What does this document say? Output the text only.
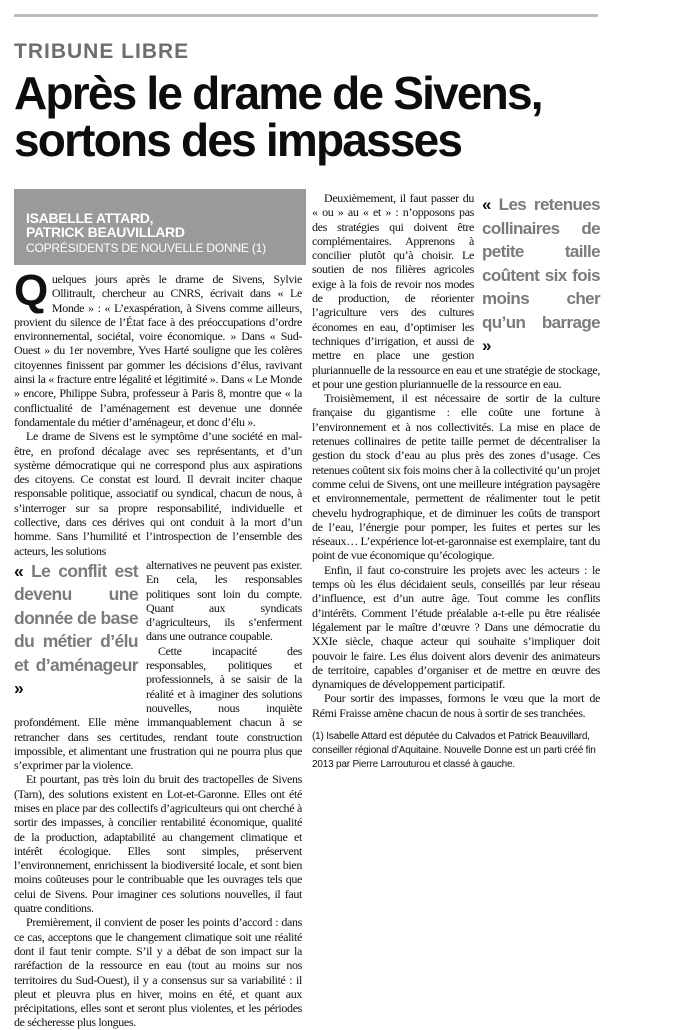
TRIBUNE LIBRE
Après le drame de Sivens,
sortons des impasses
ISABELLE ATTARD,
PATRICK BEAUVILLARD
COPRÉSIDENTS DE NOUVELLE DONNE (1)

Quelques jours après le drame de Sivens, Sylvie Ollitrault, chercheur au CNRS, écrivait dans « Le Monde » : « L’exaspération, à Sivens comme ailleurs, provient du silence de l’État face à des préoccupations d’ordre environnemental, sociétal, voire économique. » Dans « Sud-Ouest » du 1er novembre, Yves Harté souligne que les colères citoyennes finissent par gommer les décisions d’élus, ravivant ainsi la « fracture entre légalité et légitimité ». Dans « Le Monde » encore, Philippe Subra, professeur à Paris 8, montre que « la conflictualité de l’aménagement est devenue une donnée fondamentale du métier d’aménageur, et donc d’élu ».

Le drame de Sivens est le symptôme d’une société en mal-être, en profond décalage avec ses représentants, et d’un système démocratique qui ne correspond plus aux aspirations des citoyens. Ce constat est lourd. Il devrait inciter chaque responsable politique, associatif ou syndical, chacun de nous, à s’interroger sur sa propre responsabilité, individuelle et collective, dans ces dérives qui ont conduit à la mort d’un homme. Sans l’humilité et l’introspection de l’ensemble des acteurs, les solutions

« Le conflit est devenu une donnée de base du métier d’élu et d’aménageur »

alternatives ne peuvent pas exister. En cela, les responsables politiques sont loin du compte. Quant aux syndicats d’agriculteurs, ils s’enferment dans une outrance coupable.

Cette incapacité des responsables, politiques et professionnels, à se saisir de la réalité et à imaginer des solutions nouvelles, nous inquiète profondément. Elle mène immanquablement chacun à se retrancher dans ses certitudes, rendant toute construction impossible, et alimentant une frustration qui ne pourra plus que s’exprimer par la violence.

Et pourtant, pas très loin du bruit des tractopelles de Sivens (Tarn), des solutions existent en Lot-et-Garonne. Elles ont été mises en place par des collectifs d’agriculteurs qui ont cherché à sortir des impasses, à concilier rentabilité économique, qualité de la production, adaptabilité au changement climatique et intérêt écologique. Elles sont simples, préservent l’environnement, enrichissent la biodiversité locale, et sont bien moins coûteuses pour le contribuable que les ouvrages tels que celui de Sivens. Pour imaginer ces solutions nouvelles, il faut quatre conditions.

Premièrement, il convient de poser les points d’accord : dans ce cas, acceptons que le changement climatique soit une réalité dont il faut tenir compte. S’il y a débat de son impact sur la raréfaction de la ressource en eau (tout au moins sur nos territoires du Sud-Ouest), il y a consensus sur sa variabilité : il pleut et pleuvra plus en hiver, moins en été, et quant aux précipitations, elles sont et seront plus violentes, et les périodes de sécheresse plus longues.

« Les retenues collinaires de petite taille coûtent six fois moins cher qu’un barrage »

Deuxièmement, il faut passer du « ou » au « et » : n’opposons pas des stratégies qui doivent être complémentaires. Apprenons à concilier plutôt qu’à choisir. Le soutien de nos filières agricoles exige à la fois de revoir nos modes de production, de réorienter l’agriculture vers des cultures économes en eau, d’optimiser les techniques d’irrigation, et aussi de mettre en place une gestion pluriannuelle de la ressource en eau et une stratégie de stockage, et pour une gestion pluriannuelle de la ressource en eau.

Troisièmement, il est nécessaire de sortir de la culture française du gigantisme : elle coûte une fortune à l’environnement et à nos collectivités. La mise en place de retenues collinaires de petite taille permet de décentraliser la gestion du stock d’eau au plus près des zones d’usage. Ces retenues coûtent six fois moins cher à la collectivité qu’un projet comme celui de Sivens, ont une meilleure intégration paysagère et environnementale, permettent de réalimenter tout le petit chevelu hydrographique, et de diminuer les coûts de transport de l’eau, l’énergie pour pomper, les fuites et pertes sur les réseaux… L’expérience lot-et-garonnaise est exemplaire, tant du point de vue économique qu’écologique.

Enfin, il faut co-construire les projets avec les acteurs : le temps où les élus décidaient seuls, conseillés par leur réseau d’influence, est d’un autre âge. Tout comme les conflits d’intérêts. Comment l’étude préalable a-t-elle pu être réalisée légalement par le maître d’œuvre ? Dans une démocratie du XXIe siècle, chaque acteur qui souhaite s’impliquer doit pouvoir le faire. Les élus doivent alors devenir des animateurs de territoire, capables d’organiser et de mettre en œuvre des dynamiques de développement participatif.

Pour sortir des impasses, formons le vœu que la mort de Rémi Fraisse amène chacun de nous à sortir de ses tranchées.

(1) Isabelle Attard est députée du Calvados et Patrick Beauvillard, conseiller régional d’Aquitaine. Nouvelle Donne est un parti créé fin 2013 par Pierre Larrouturou et classé à gauche.
